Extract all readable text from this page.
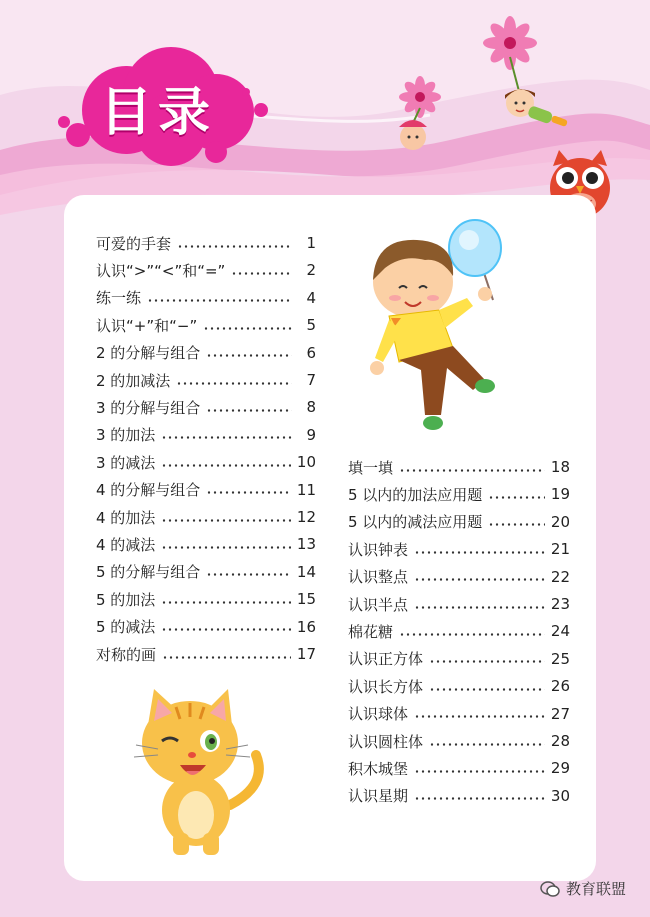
目录
可爱的手套	1
认识“>”“<”和“=”	2
练一练	4
认识“+”和“−”	5
2 的分解与组合	6
2 的加减法	7
3 的分解与组合	8
3 的加法	9
3 的减法	10
4 的分解与组合	11
4 的加法	12
4 的减法	13
5 的分解与组合	14
5 的加法	15
5 的减法	16
对称的画	17
填一填	18
5 以内的加法应用题	19
5 以内的减法应用题	20
认识钟表	21
认识整点	22
认识半点	23
棉花糖	24
认识正方体	25
认识长方体	26
认识球体	27
认识圆柱体	28
积木城堡	29
认识星期	30
教育联盟
